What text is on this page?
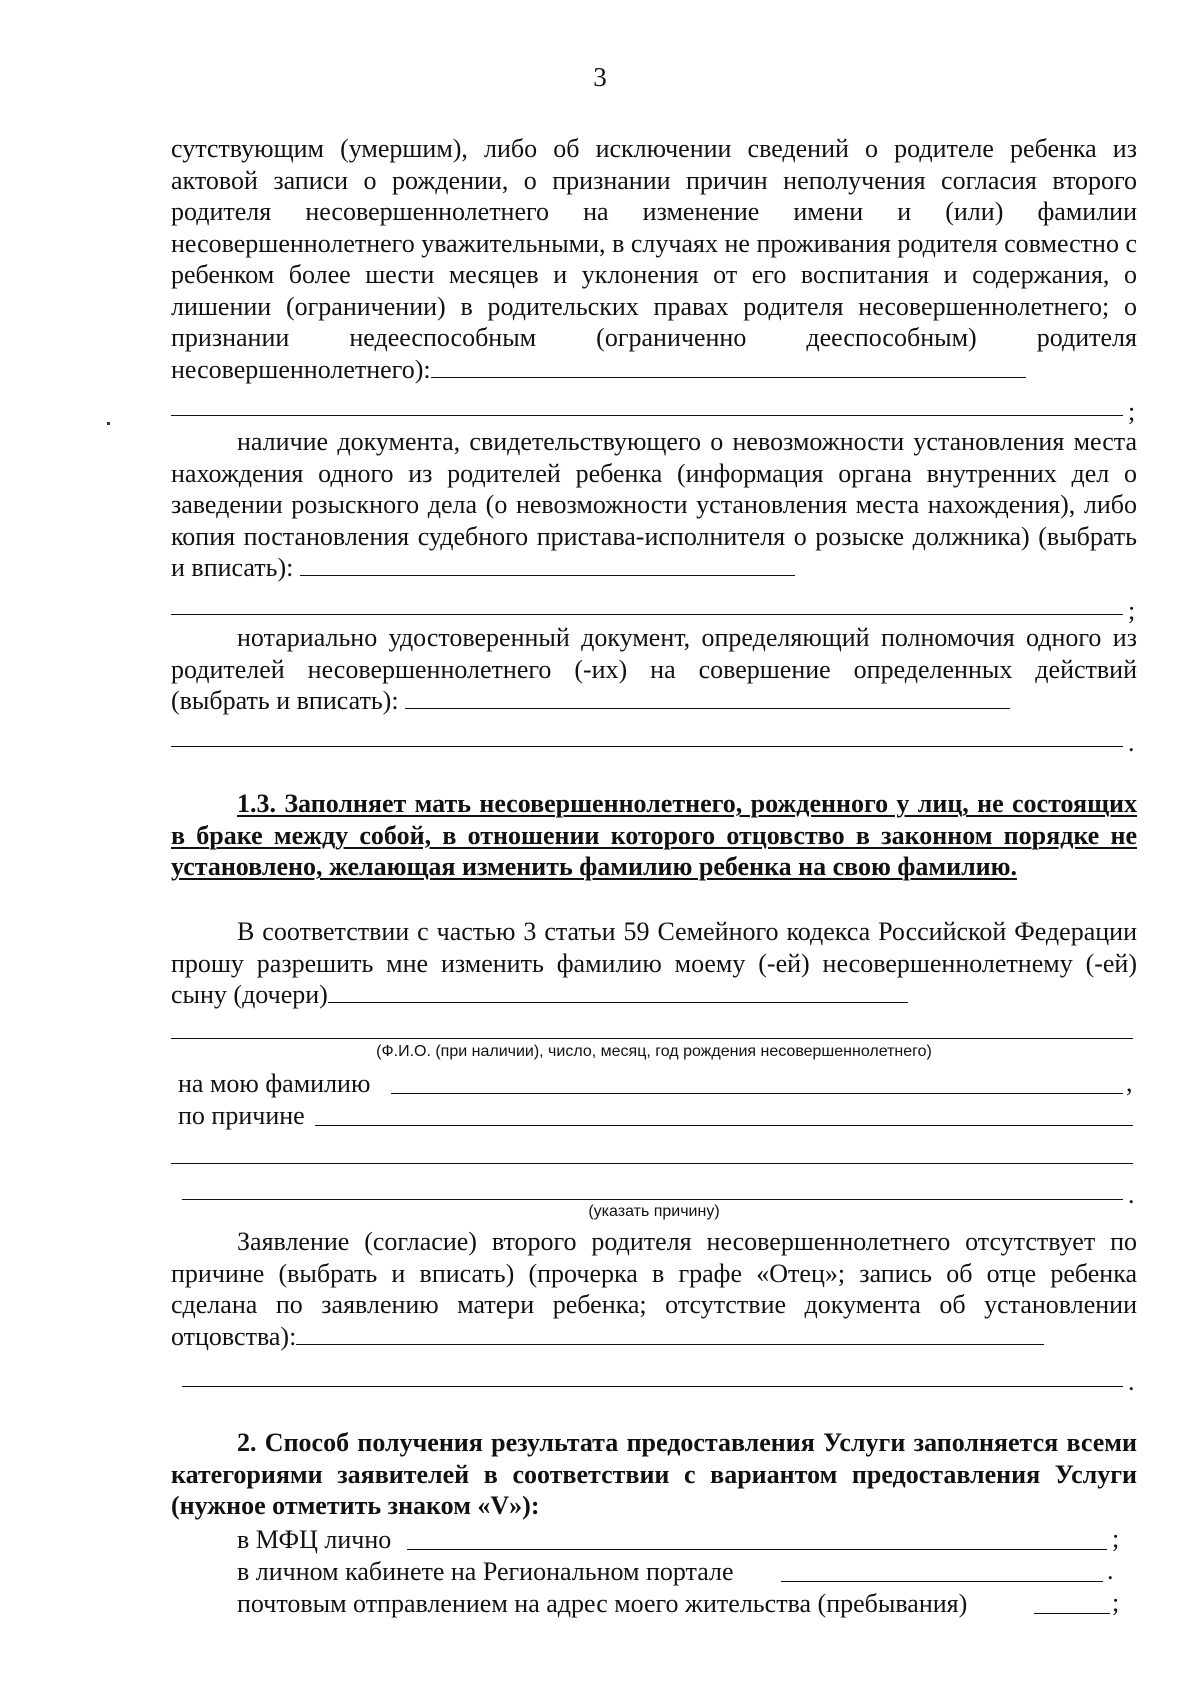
3
сутствующим (умершим), либо об исключении сведений о родителе ребенка из актовой записи о рождении, о признании причин неполучения согласия второго родителя несовершеннолетнего на изменение имени и (или) фамилии несовершеннолетнего уважительными, в случаях не проживания родителя совместно с ребенком более шести месяцев и уклонения от его воспитания и содержания, о лишении (ограничении) в родительских правах родителя несовершеннолетнего; о признании недееспособным (ограниченно дееспособным) родителя несовершеннолетнего):
;
наличие документа, свидетельствующего о невозможности установления места нахождения одного из родителей ребенка (информация органа внутренних дел о заведении розыскного дела (о невозможности установления места нахождения), либо копия постановления судебного пристава-исполнителя о розыске должника) (выбрать и вписать):
;
нотариально удостоверенный документ, определяющий полномочия одного из родителей несовершеннолетнего (-их) на совершение определенных действий (выбрать и вписать):
.
1.3. Заполняет мать несовершеннолетнего, рожденного у лиц, не состоящих в браке между собой, в отношении которого отцовство в законном порядке не установлено, желающая изменить фамилию ребенка на свою фамилию.
В соответствии с частью 3 статьи 59 Семейного кодекса Российской Федерации прошу разрешить мне изменить фамилию моему (-ей) несовершеннолетнему (-ей) сыну (дочери)
(Ф.И.О. (при наличии), число, месяц, год рождения несовершеннолетнего)
на мою фамилию	,
по причине
.
(указать причину)
Заявление (согласие) второго родителя несовершеннолетнего отсутствует по причине (выбрать и вписать) (прочерка в графе «Отец»; запись об отце ребенка сделана по заявлению матери ребенка; отсутствие документа об установлении отцовства):
.
2. Способ получения результата предоставления Услуги заполняется всеми категориями заявителей в соответствии с вариантом предоставления Услуги (нужное отметить знаком «V»):
в МФЦ лично	;
в личном кабинете на Региональном портале	.
почтовым отправлением на адрес моего жительства (пребывания)	;
